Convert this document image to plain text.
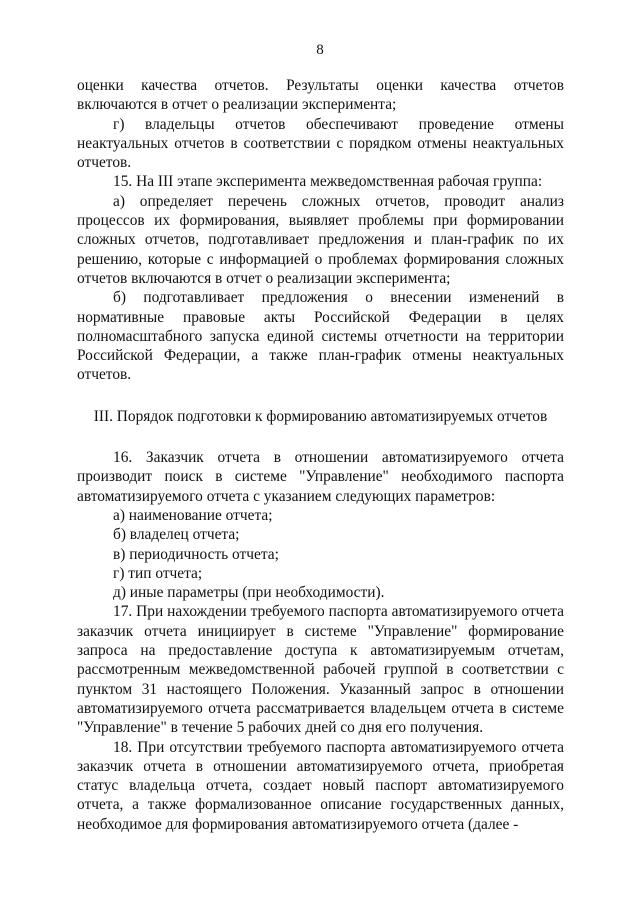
8

оценки качества отчетов. Результаты оценки качества отчетов включаются в отчет о реализации эксперимента;

г) владельцы отчетов обеспечивают проведение отмены неактуальных отчетов в соответствии с порядком отмены неактуальных отчетов.

15. На III этапе эксперимента межведомственная рабочая группа:

а) определяет перечень сложных отчетов, проводит анализ процессов их формирования, выявляет проблемы при формировании сложных отчетов, подготавливает предложения и план-график по их решению, которые с информацией о проблемах формирования сложных отчетов включаются в отчет о реализации эксперимента;

б) подготавливает предложения о внесении изменений в нормативные правовые акты Российской Федерации в целях полномасштабного запуска единой системы отчетности на территории Российской Федерации, а также план-график отмены неактуальных отчетов.

III. Порядок подготовки к формированию автоматизируемых отчетов

16. Заказчик отчета в отношении автоматизируемого отчета производит поиск в системе "Управление" необходимого паспорта автоматизируемого отчета с указанием следующих параметров:

а) наименование отчета;
б) владелец отчета;
в) периодичность отчета;
г) тип отчета;
д) иные параметры (при необходимости).

17. При нахождении требуемого паспорта автоматизируемого отчета заказчик отчета инициирует в системе "Управление" формирование запроса на предоставление доступа к автоматизируемым отчетам, рассмотренным межведомственной рабочей группой в соответствии с пунктом 31 настоящего Положения. Указанный запрос в отношении автоматизируемого отчета рассматривается владельцем отчета в системе "Управление" в течение 5 рабочих дней со дня его получения.

18. При отсутствии требуемого паспорта автоматизируемого отчета заказчик отчета в отношении автоматизируемого отчета, приобретая статус владельца отчета, создает новый паспорт автоматизируемого отчета, а также формализованное описание государственных данных, необходимое для формирования автоматизируемого отчета (далее -
